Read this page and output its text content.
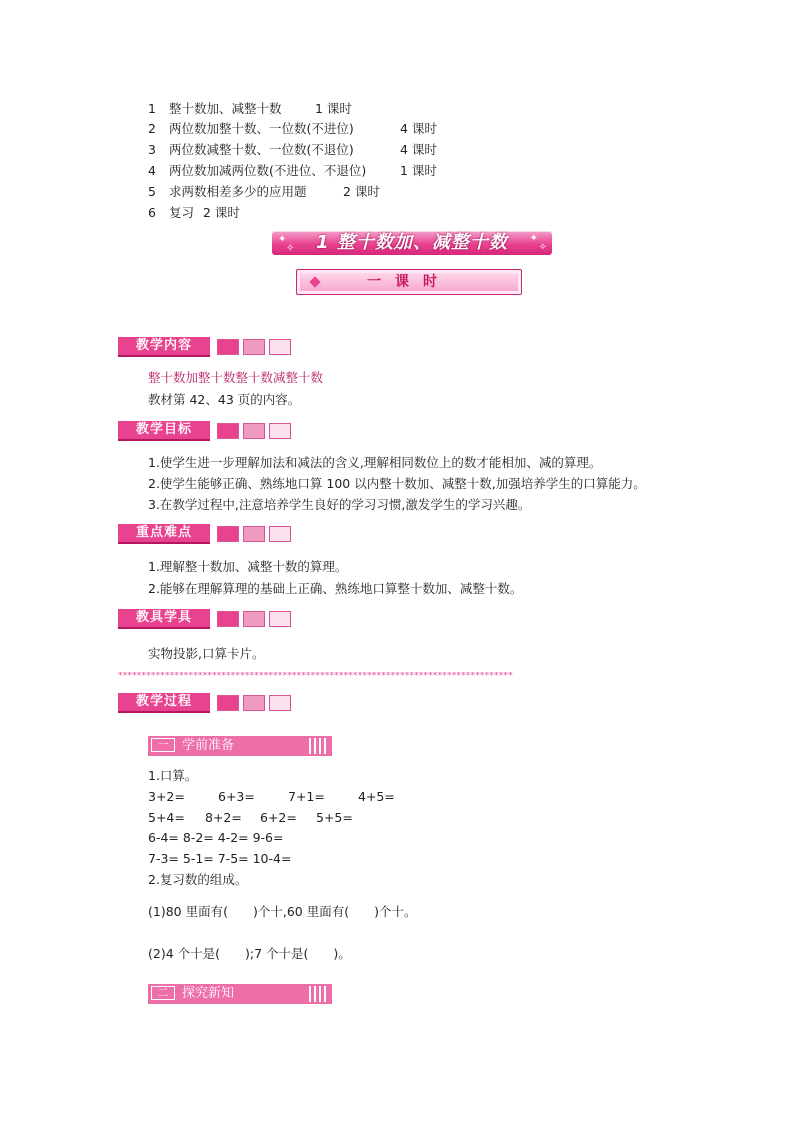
1 整十数加、减整十数	1 课时
2 两位数加整十数、一位数(不进位)	4 课时
3 两位数减整十数、一位数(不退位)	4 课时
4 两位数加减两位数(不进位、不退位)	1 课时
5 求两数相差多少的应用题	2 课时
6 复习 2 课时
✦
✧	1 整十数加、减整十数	✦
✧
一课时
教学内容
整十数加整十数整十数减整十数
教材第 42、43 页的内容。
教学目标
1.使学生进一步理解加法和减法的含义,理解相同数位上的数才能相加、减的算理。
2.使学生能够正确、熟练地口算 100 以内整十数加、减整十数,加强培养学生的口算能力。
3.在教学过程中,注意培养学生良好的学习习惯,激发学生的学习兴趣。
重点难点
1.理解整十数加、减整十数的算理。
2.能够在理解算理的基础上正确、熟练地口算整十数加、减整十数。
教具学具
实物投影,口算卡片。
************************************************************************************
教学过程
一	学前准备
1.口算。
3+2=	6+3=	7+1=	4+5=
5+4= 8+2= 6+2= 5+5=
6-4= 8-2= 4-2= 9-6=
7-3= 5-1= 7-5= 10-4=
2.复习数的组成。
(1)80 里面有(　　)个十,60 里面有(　　)个十。
(2)4 个十是(　　);7 个十是(　　)。
二	探究新知
